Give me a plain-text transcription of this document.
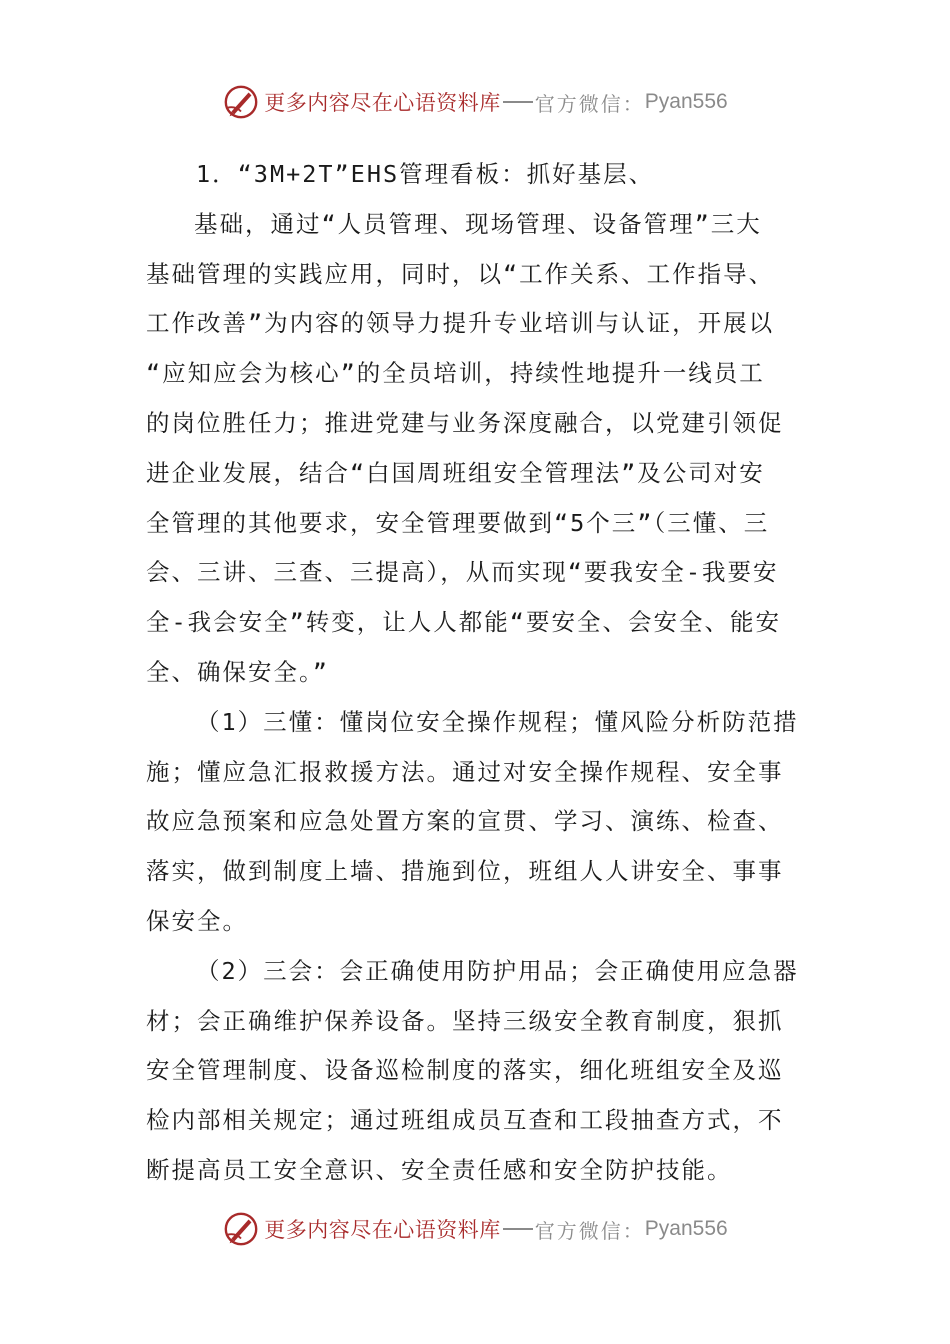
更多内容尽在心语资料库 官方微信： Pyan556
1．“3M+2T”EHS管理看板：抓好基层、
基础，通过“人员管理、现场管理、设备管理”三大
基础管理的实践应用，同时，以“工作关系、工作指导、
工作改善”为内容的领导力提升专业培训与认证，开展以
“应知应会为核心”的全员培训，持续性地提升一线员工
的岗位胜任力；推进党建与业务深度融合，以党建引领促
进企业发展，结合“白国周班组安全管理法”及公司对安
全管理的其他要求，安全管理要做到“5个三”（三懂、三
会、三讲、三查、三提高），从而实现“要我安全-我要安
全-我会安全”转变，让人人都能“要安全、会安全、能安
全、确保安全。”
（1）三懂：懂岗位安全操作规程；懂风险分析防范措
施；懂应急汇报救援方法。通过对安全操作规程、安全事
故应急预案和应急处置方案的宣贯、学习、演练、检查、
落实，做到制度上墙、措施到位，班组人人讲安全、事事
保安全。
（2）三会：会正确使用防护用品；会正确使用应急器
材；会正确维护保养设备。坚持三级安全教育制度，狠抓
安全管理制度、设备巡检制度的落实，细化班组安全及巡
检内部相关规定；通过班组成员互查和工段抽查方式，不
断提高员工安全意识、安全责任感和安全防护技能。
更多内容尽在心语资料库 官方微信： Pyan556
